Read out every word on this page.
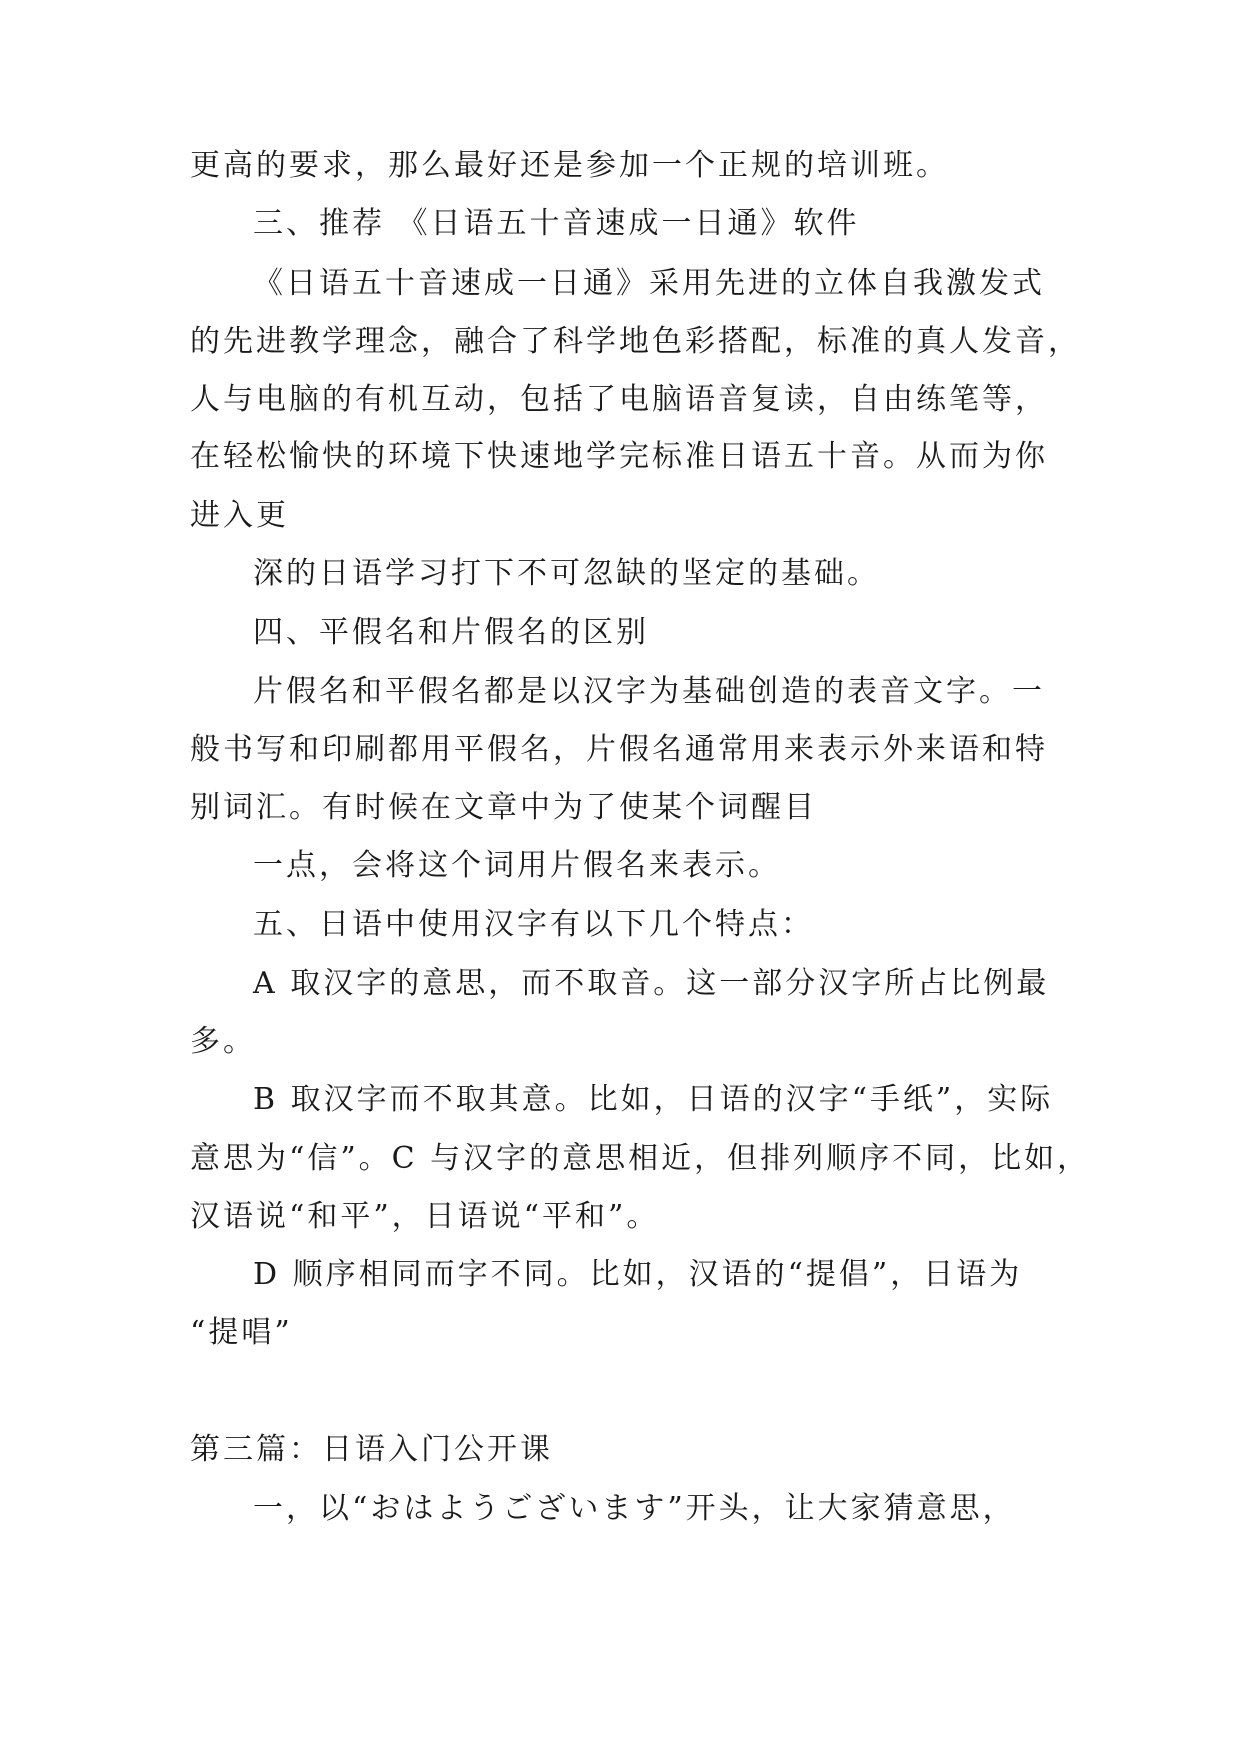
更高的要求，那么最好还是参加一个正规的培训班。
三、推荐 《日语五十音速成一日通》软件
《日语五十音速成一日通》采用先进的立体自我激发式
的先进教学理念，融合了科学地色彩搭配，标准的真人发音，
人与电脑的有机互动，包括了电脑语音复读，自由练笔等，
在轻松愉快的环境下快速地学完标准日语五十音。从而为你
进入更
深的日语学习打下不可忽缺的坚定的基础。
四、平假名和片假名的区别
片假名和平假名都是以汉字为基础创造的表音文字。一
般书写和印刷都用平假名，片假名通常用来表示外来语和特
别词汇。有时候在文章中为了使某个词醒目
一点，会将这个词用片假名来表示。
五、日语中使用汉字有以下几个特点：
A 取汉字的意思，而不取音。这一部分汉字所占比例最
多。
B 取汉字而不取其意。比如，日语的汉字“手纸”，实际
意思为“信”。C 与汉字的意思相近，但排列顺序不同，比如，
汉语说“和平”，日语说“平和”。
D 顺序相同而字不同。比如，汉语的“提倡”，日语为
“提唱”
第三篇：日语入门公开课
一，以“おはようございます”开头，让大家猜意思，
